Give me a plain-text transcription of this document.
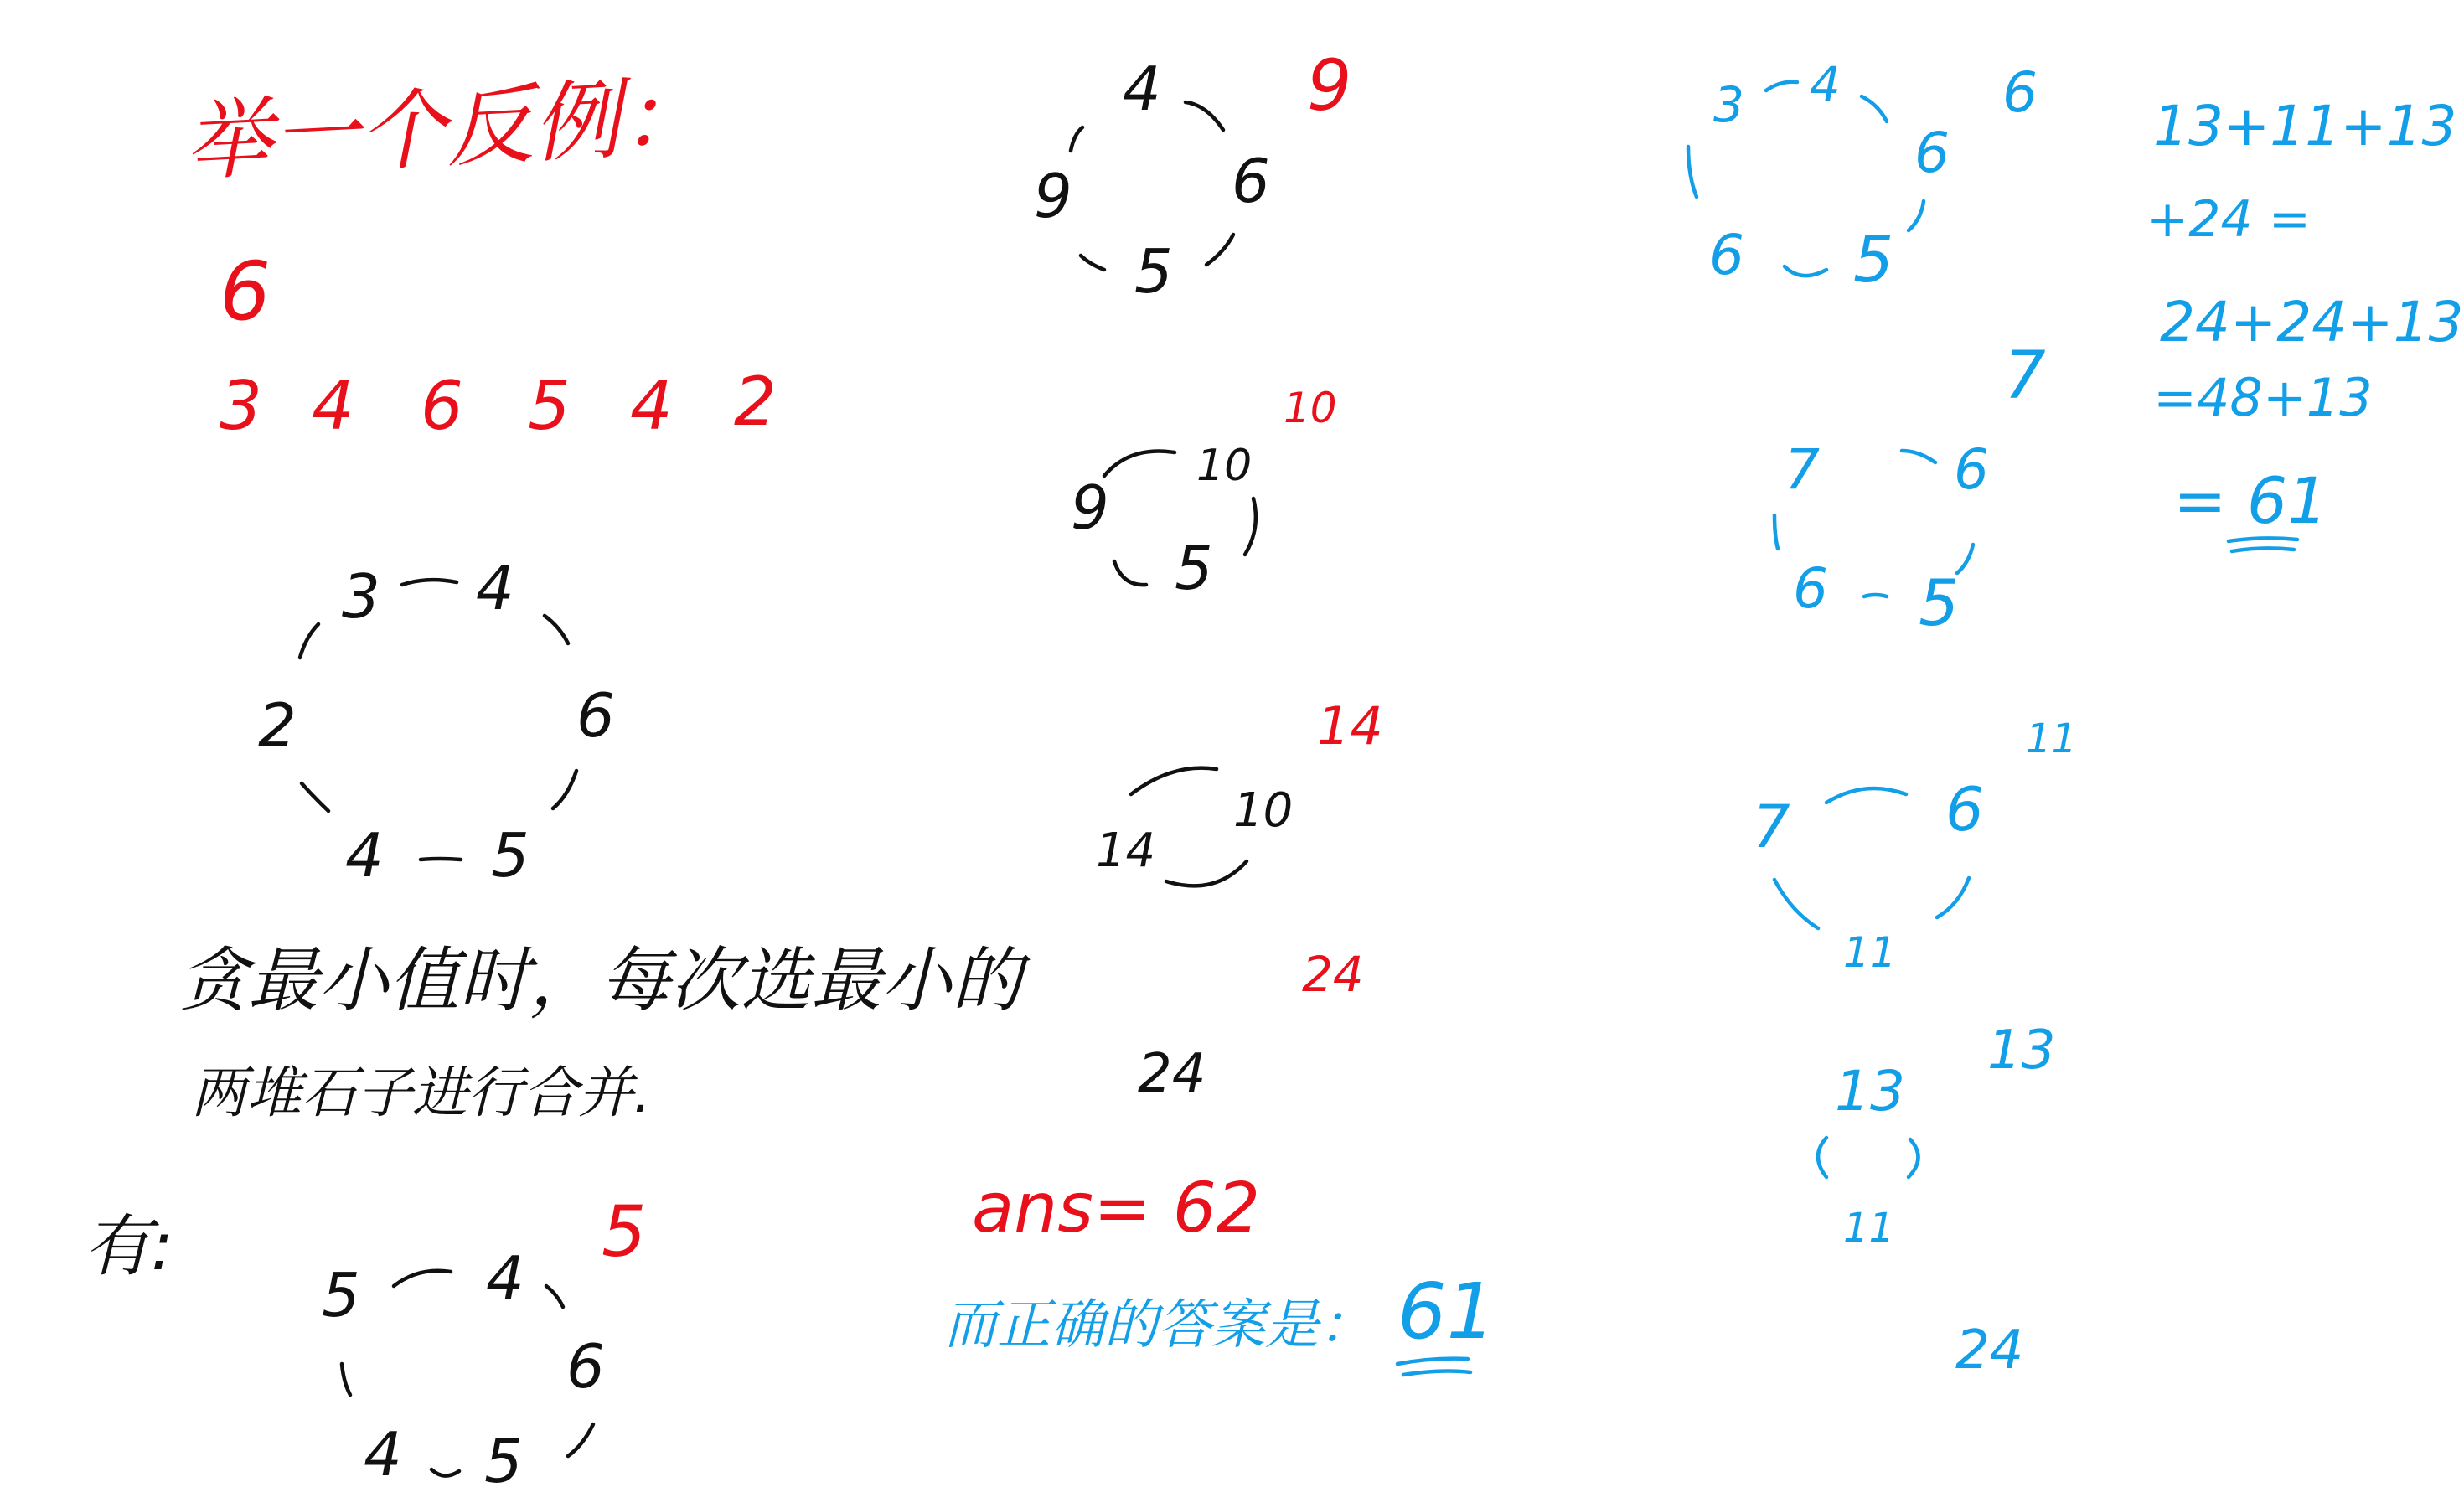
举一个反例：
6
3 4 6 5 4 2
3 4
6
5
4
2
贪最小值时，每次选最小的
两堆石子进行合并.
有:
5 4
6
5
4
5
4
6
5
9
9
10
5
9
10
10
14
14
24
24
ans= 62
而正确的答案是： 61
3 4
6
5
6
6
7 6
5
6
7
7	6
11
11
13
11
13
24
13+11+13
+24 =
24+24+13
=48+13
= 61
